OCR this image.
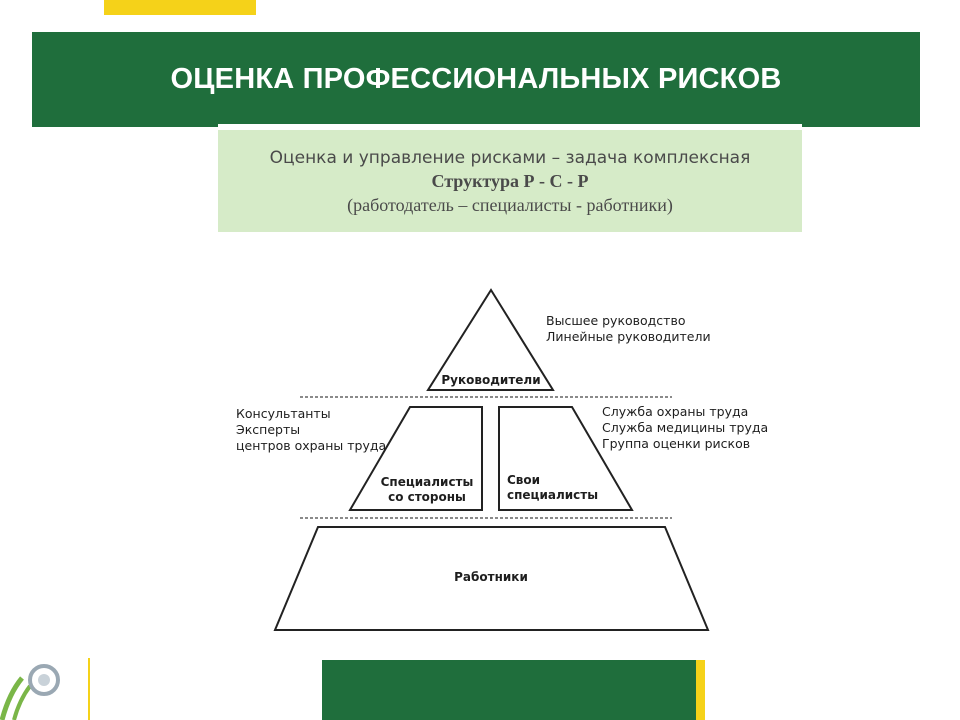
ОЦЕНКА ПРОФЕССИОНАЛЬНЫХ РИСКОВ
Оценка и управление рисками – задача комплексная
Структура Р - С - Р
(работодатель – специалисты - работники)
Руководители
Специалисты
со стороны
Свои
специалисты
Работники
Высшее руководство
Линейные руководители
Консультанты
Эксперты
центров охраны труда
Служба охраны труда
Служба медицины труда
Группа оценки рисков
